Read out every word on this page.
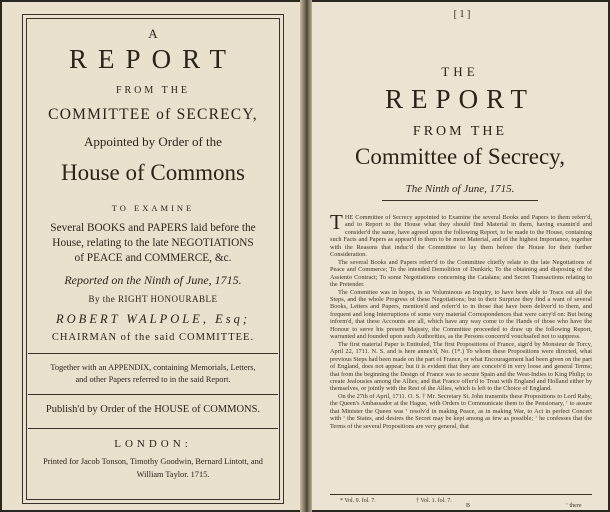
A
REPORT
FROM THE
COMMITTEE of SECRECY,
Appointed by Order of the
House of Commons
TO EXAMINE
Several BOOKS and PAPERS laid before the
House, relating to the late NEGOTIATIONS
of PEACE and COMMERCE, &c.
Reported on the Ninth of June, 1715.
By the RIGHT HONOURABLE
ROBERT WALPOLE, Esq;
CHAIRMAN of the said COMMITTEE.
Together with an APPENDIX, containing Memorials, Letters,
and other Papers referred to in the said Report.
Publish'd by Order of the HOUSE of COMMONS.
LONDON:
Printed for Jacob Tonson, Timothy Goodwin, Bernard Lintott, and
William Taylor. 1715.
[ 1 ]
THE
REPORT
FROM THE
Committee of Secrecy,
The Ninth of June, 1715.

THE Committee of Secrecy appointed to Examine the several Books and Papers to them referr'd, and to Report to the House what they should find Material in them, having examin'd and consider'd the same, have agreed upon the following Report, to be made to the House, containing such Facts and Papers as appear'd to them to be most Material, and of the highest Importance, together with the Reasons that induc'd the Committee to lay them before the House for their further Consideration.

The several Books and Papers referr'd to the Committee chiefly relate to the late Negotiations of Peace and Commerce; To the intended Demolition of Dunkirk; To the obtaining and disposing of the Assiento Contract; To some Negotiations concerning the Catalans; and Secret Transactions relating to the Pretender.

The Committee was in hopes, in so Voluminous an Inquiry, to have been able to Trace out all the Steps, and the whole Progress of these Negotiations; but to their Surprize they find a want of several Books, Letters and Papers, mention'd and referr'd to in those that have been deliver'd to them, and frequent and long Interruptions of some very material Correspondences that were carry'd on: But being inform'd, that these Accounts are all, which have any way come to the Hands of those who have the Honour to serve his present Majesty, the Committee proceeded to draw up the following Report, warranted and founded upon such Authorities, as the Persons concern'd vouchsafed not to suppress.

The first material Paper is Entituled, The first Propositions of France, sign'd by Monsieur de Torcy, April 22, 1711. N. S. and is here annex'd, No. (1*.) To whom these Propositions were directed, what previous Steps had been made on the part of France, or what Encouragement had been given on the part of England, does not appear; but it is evident that they are conceiv'd in very loose and general Terms; that from the beginning the Design of France was to secure Spain and the West-Indies to King Philip; to create Jealousies among the Allies; and that France offer'd to Treat with England and Holland either by themselves, or jointly with the Rest of the Allies, which is left to the Choice of England.

On the 27th of April, 1711. O. S. † Mr. Secretary St. John transmits these Propositions to Lord Raby, the Queen's Ambassador at the Hague, with Orders to Communicate them to the Pensionary, ‘ to assure that Minister the Queen was ‘ resolv'd in making Peace, as in making War, to Act in perfect Concert with ‘ the States, and desires the Secret may be kept among as few as possible; ‘ he confesses that the Terms of the several Propositions are very general, that

* Vol. 9. fol. 7.	† Vol. 1. fol. 7.
B	‘ there
